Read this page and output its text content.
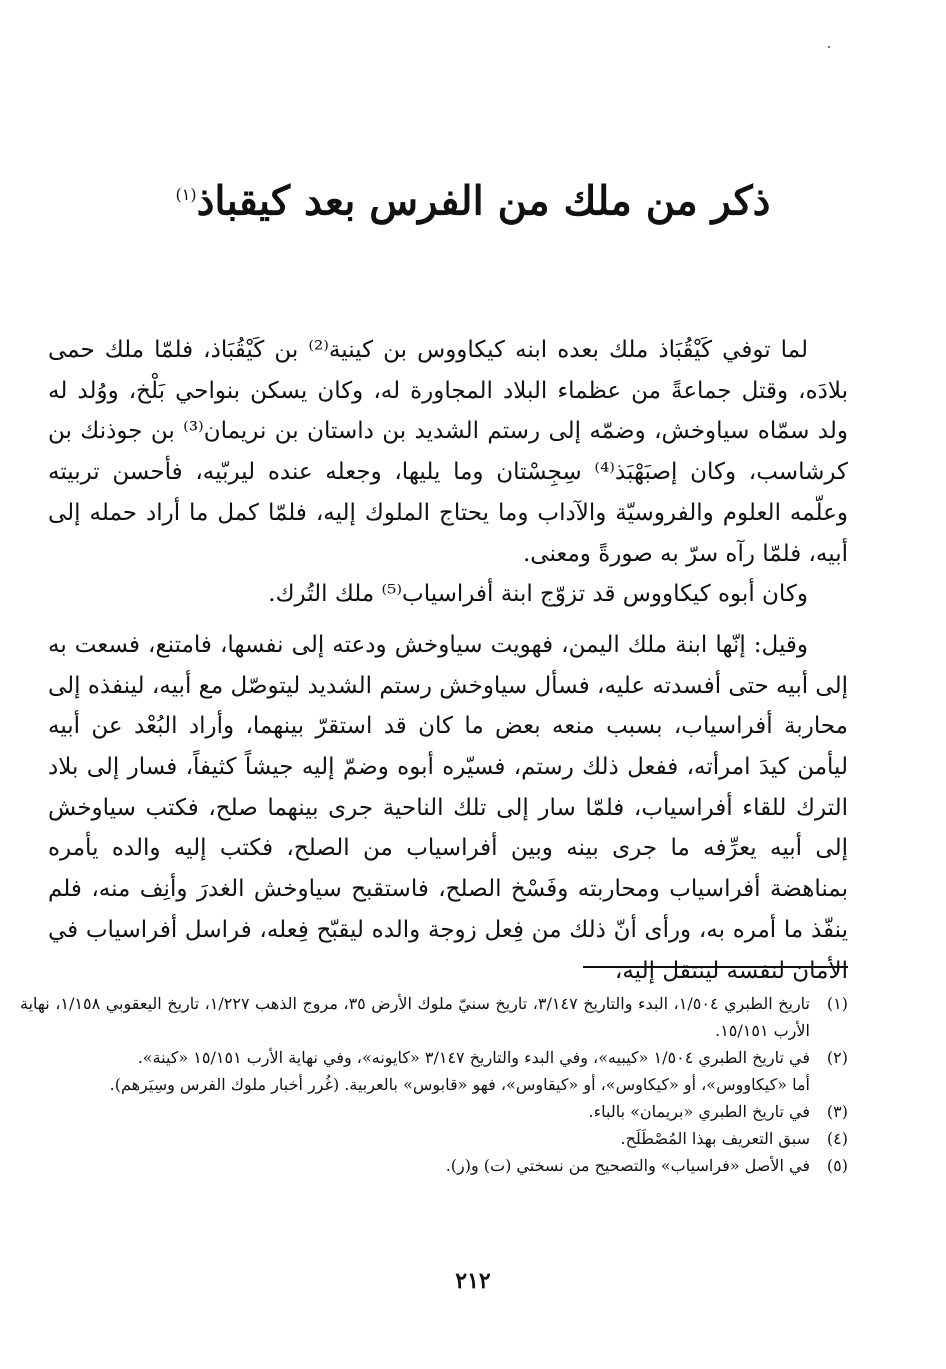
ذكر من ملك من الفرس بعد كيقباذ$^{(١)}$

لما توفي كَيْقُبَاذ ملك بعده ابنه كيكاووس بن كينية⁽²⁾ بن كَيْقُبَاذ، فلمّا ملك حمى بلادَه، وقتل جماعةً من عظماء البلاد المجاورة له، وكان يسكن بنواحي بَلْخ، ووُلد له ولد سمّاه سياوخش، وضمّه إلى رستم الشديد بن داستان بن نريمان⁽³⁾ بن جوذنك بن كرشاسب، وكان إصبَهْبَذ⁽⁴⁾ سِجِسْتان وما يليها، وجعله عنده ليربّيه، فأحسن تربيته وعلّمه العلوم والفروسيّة والآداب وما يحتاج الملوك إليه، فلمّا كمل ما أراد حمله إلى أبيه، فلمّا رآه سرّ به صورةً ومعنى.

وكان أبوه كيكاووس قد تزوّج ابنة أفراسياب⁽⁵⁾ ملك التُرك.

وقيل: إنّها ابنة ملك اليمن، فهويت سياوخش ودعته إلى نفسها، فامتنع، فسعت به إلى أبيه حتى أفسدته عليه، فسأل سياوخش رستم الشديد ليتوصّل مع أبيه، لينفذه إلى محاربة أفراسياب، بسبب منعه بعض ما كان قد استقرّ بينهما، وأراد البُعْد عن أبيه ليأمن كيدَ امرأته، ففعل ذلك رستم، فسيّره أبوه وضمّ إليه جيشاً كثيفاً، فسار إلى بلاد الترك للقاء أفراسياب، فلمّا سار إلى تلك الناحية جرى بينهما صلح، فكتب سياوخش إلى أبيه يعرِّفه ما جرى بينه وبين أفراسياب من الصلح، فكتب إليه والده يأمره بمناهضة أفراسياب ومحاربته وفَسْخ الصلح، فاستقبح سياوخش الغدرَ وأنِف منه، فلم ينفّذ ما أمره به، ورأى أنّ ذلك من فِعل زوجة والده ليقبّح فِعله، فراسل أفراسياب في الأمان لنفسه لينتقل إليه،

(١)
تاريخ الطبري ١/٥٠٤، البدء والتاريخ ٣/١٤٧، تاريخ سنيّ ملوك الأرض ٣٥، مروج الذهب ١/٢٢٧، تاريخ اليعقوبي ١/١٥٨، نهاية الأرب ١٥/١٥١.
(٢)
في تاريخ الطبري ١/٥٠٤ «كيبيه»، وفي البدء والتاريخ ٣/١٤٧ «كايونه»، وفي نهاية الأرب ١٥/١٥١ «كينة».
أما «كيكاووس»، أو «كيكاوس»، أو «كيقاوس»، فهو «قابوس» بالعربية. (غُرر أخبار ملوك الفرس وسِيَرهم).
(٣)
في تاريخ الطبري «بريمان» بالباء.
(٤)
سبق التعريف بهذا المُصْطَلَح.
(٥)
في الأصل «فراسياب» والتصحيح من نسختي (ت) و(ر).
٢١٢
